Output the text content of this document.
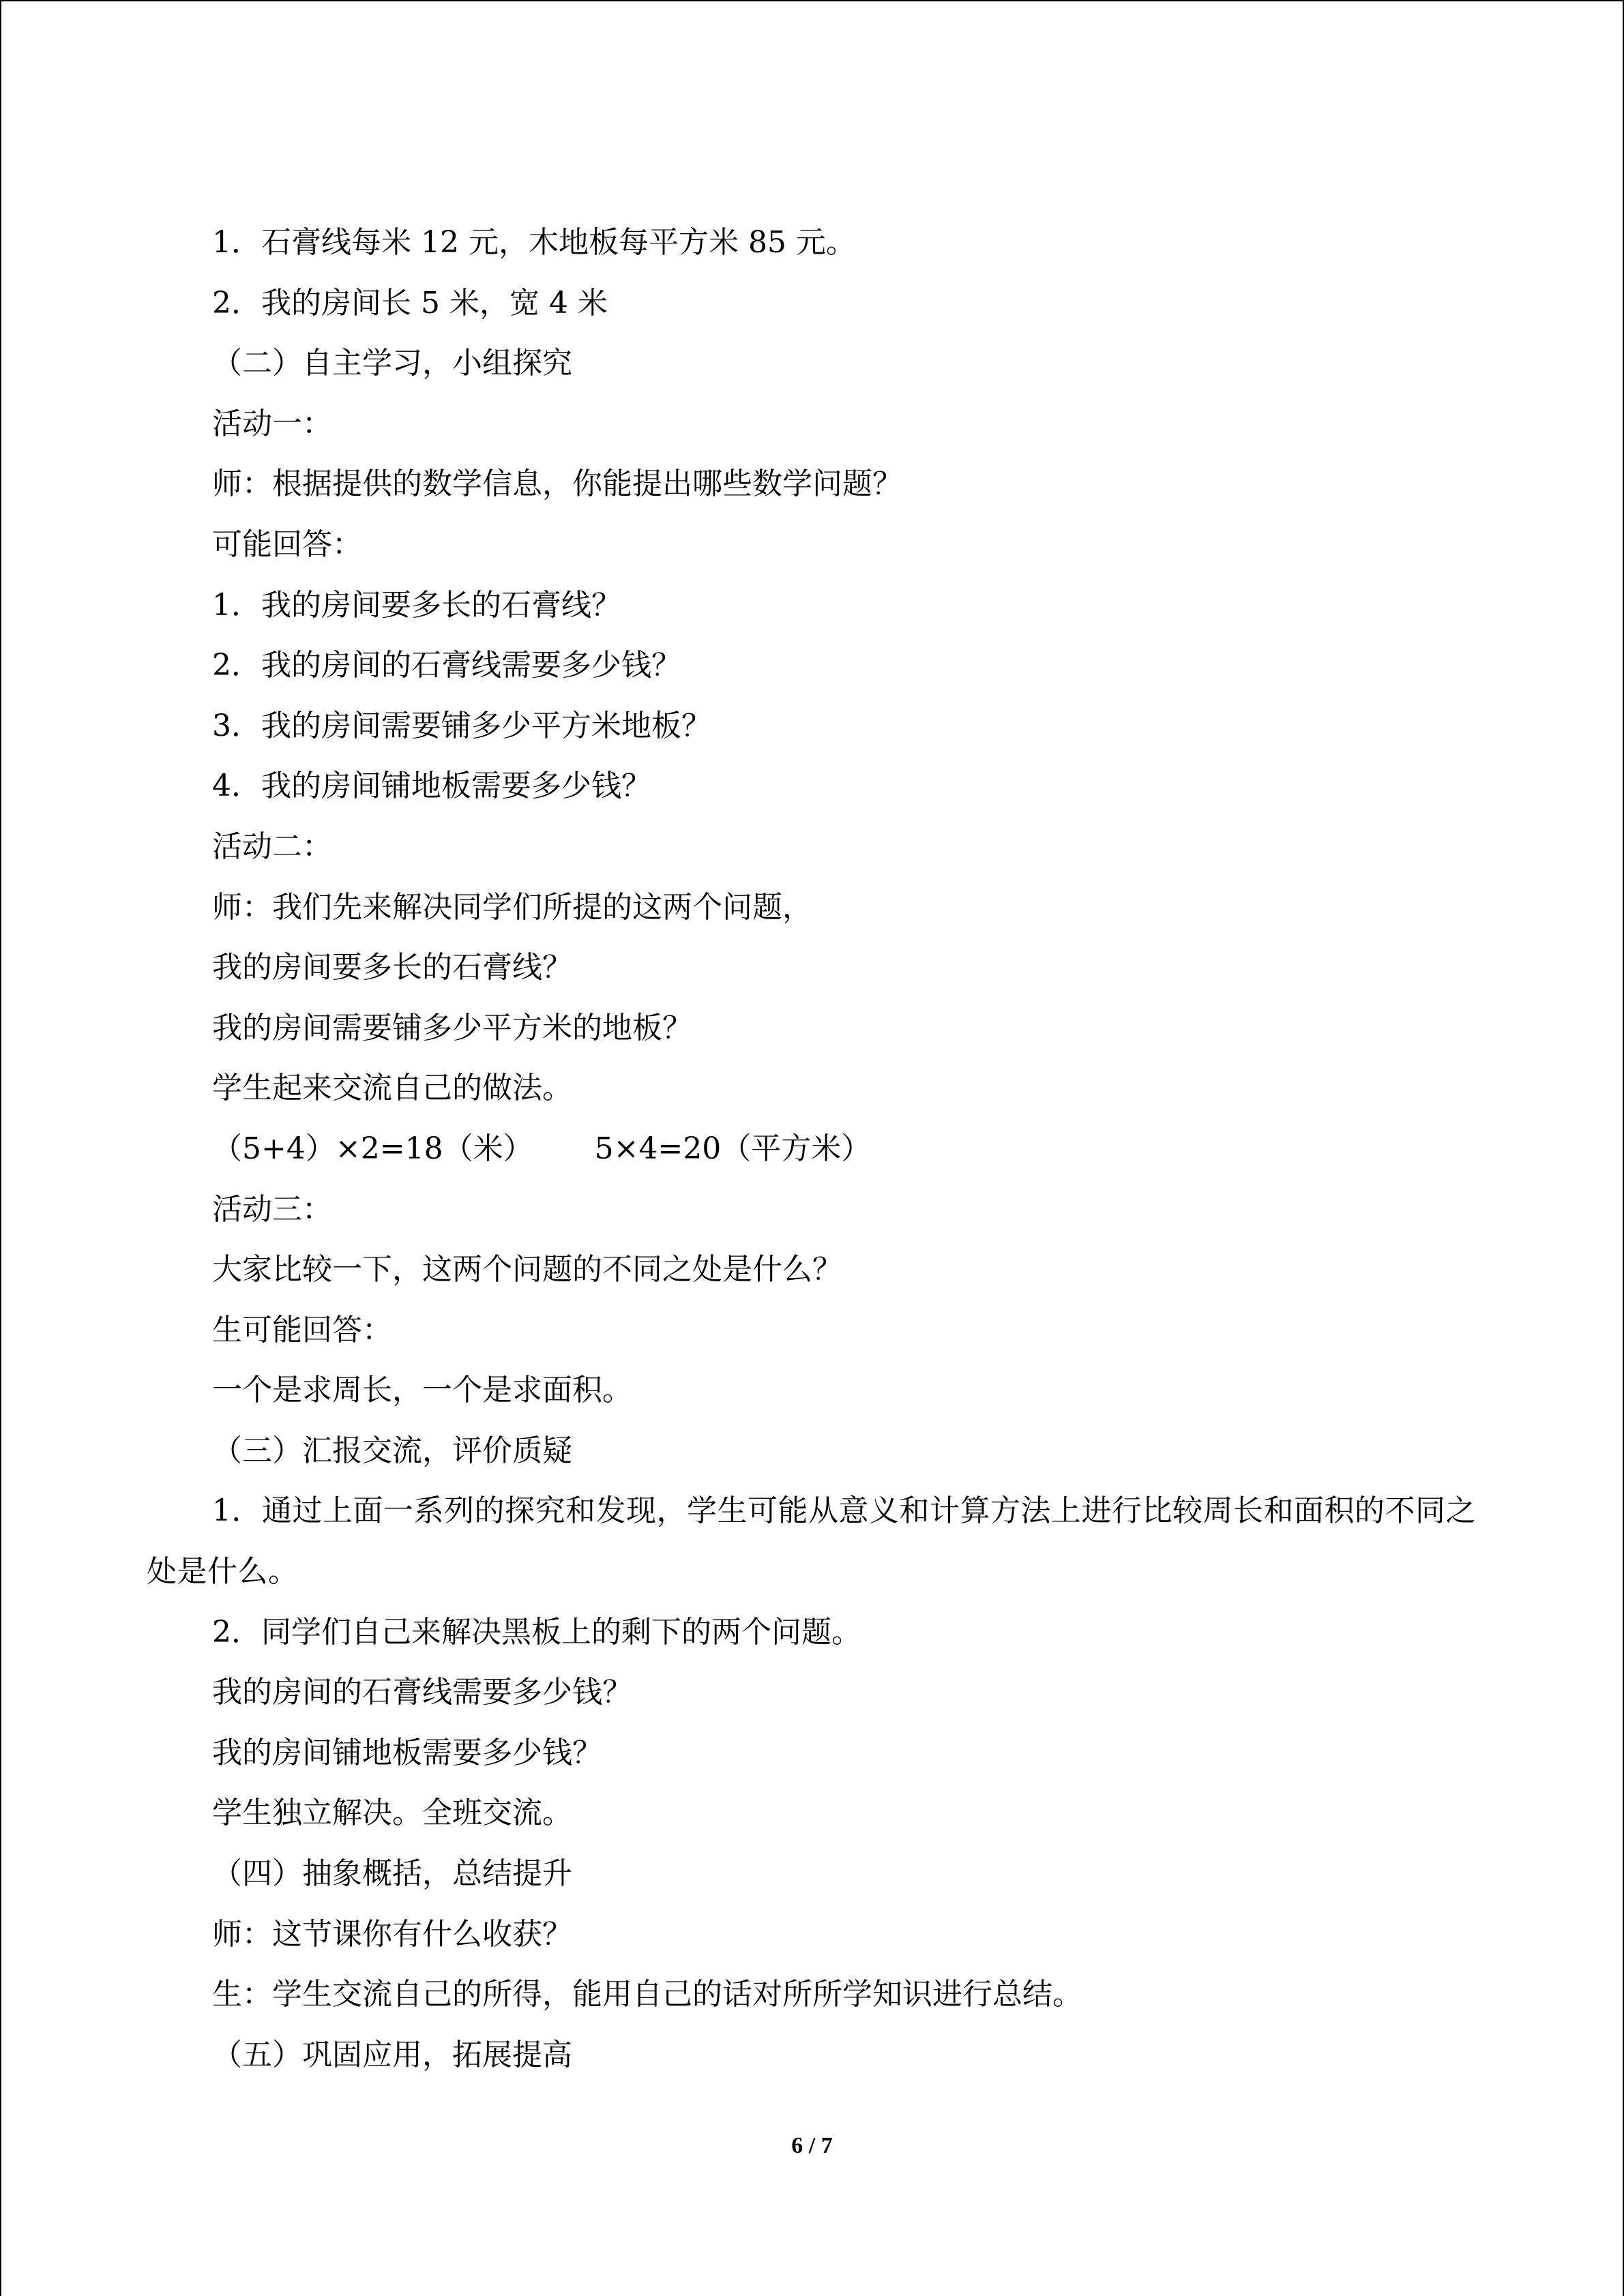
1．石膏线每米 12 元，木地板每平方米 85 元。
2．我的房间长 5 米，宽 4 米
（二）自主学习，小组探究
活动一：
师：根据提供的数学信息，你能提出哪些数学问题？
可能回答：
1．我的房间要多长的石膏线？
2．我的房间的石膏线需要多少钱？
3．我的房间需要铺多少平方米地板？
4．我的房间铺地板需要多少钱？
活动二：
师：我们先来解决同学们所提的这两个问题，
我的房间要多长的石膏线？
我的房间需要铺多少平方米的地板？
学生起来交流自己的做法。
（5+4）×2=18（米） 5×4=20（平方米）
活动三：
大家比较一下，这两个问题的不同之处是什么？
生可能回答：
一个是求周长，一个是求面积。
（三）汇报交流，评价质疑
1．通过上面一系列的探究和发现，学生可能从意义和计算方法上进行比较周长和面积的不同之处是什么。
2．同学们自己来解决黑板上的剩下的两个问题。
我的房间的石膏线需要多少钱？
我的房间铺地板需要多少钱？
学生独立解决。全班交流。
（四）抽象概括，总结提升
师：这节课你有什么收获？
生：学生交流自己的所得，能用自己的话对所所学知识进行总结。
（五）巩固应用，拓展提高
6 / 7
